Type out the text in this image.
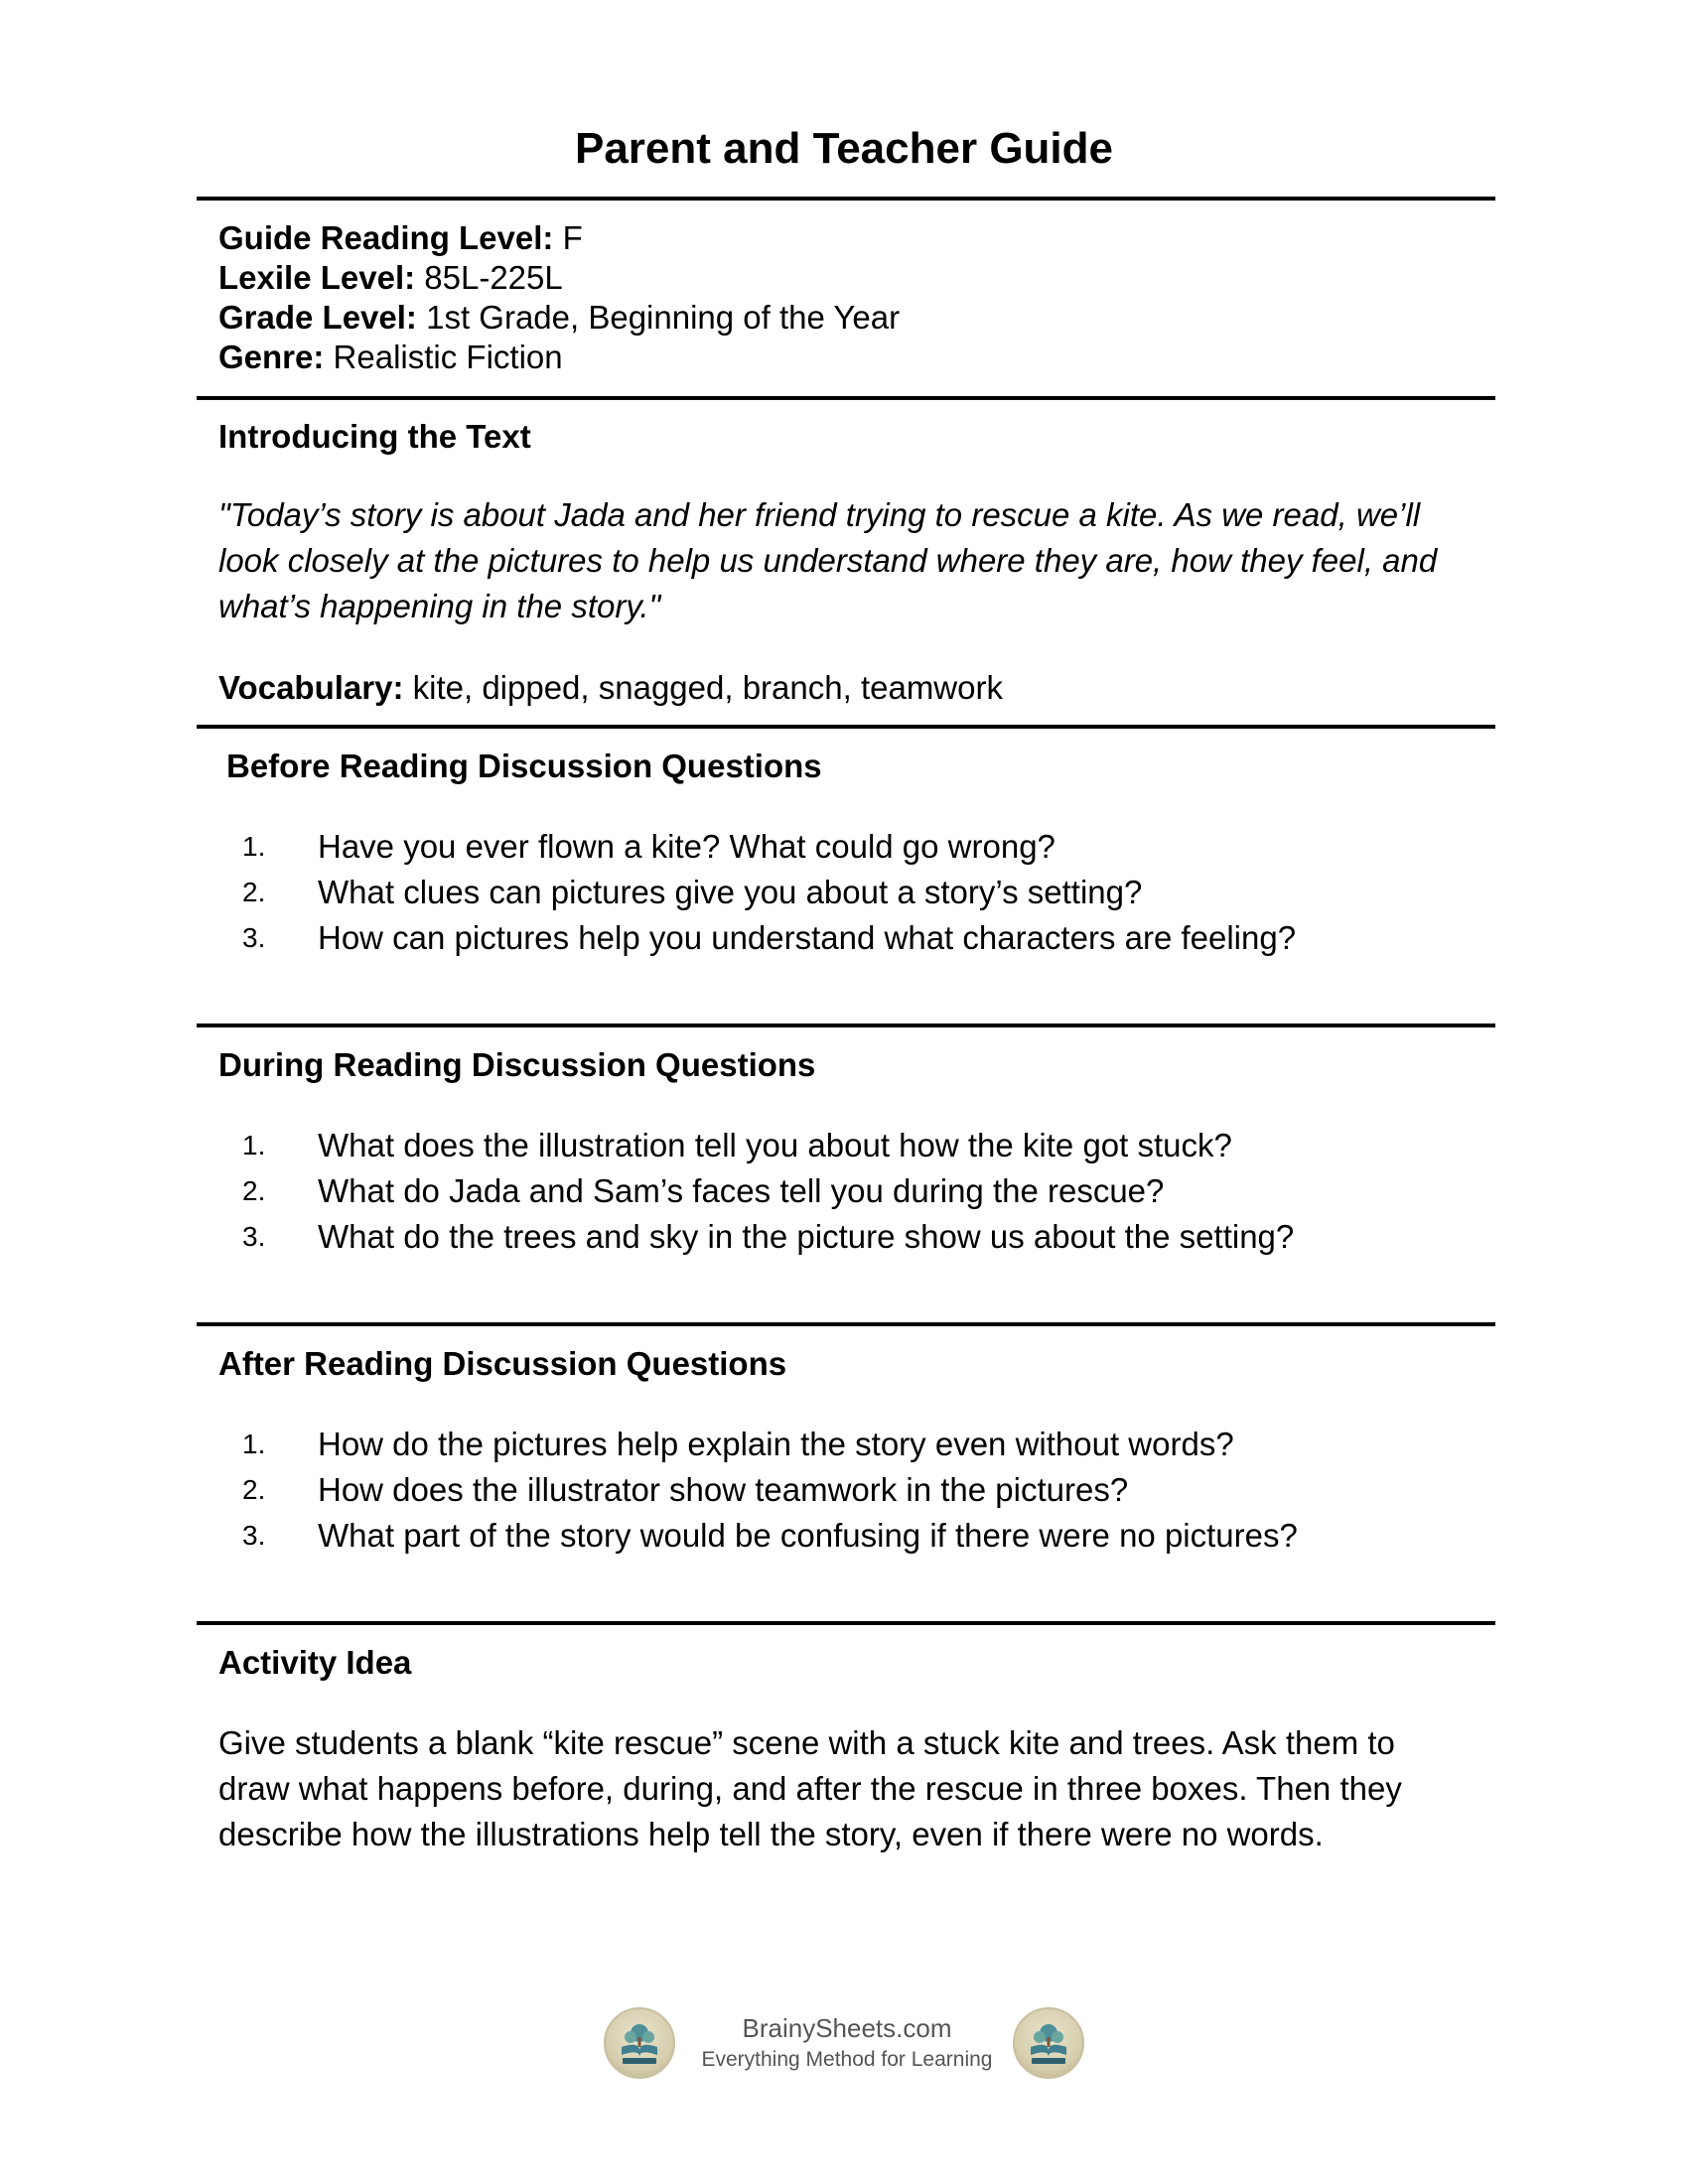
Parent and Teacher Guide
Guide Reading Level: F
Lexile Level: 85L-225L
Grade Level: 1st Grade, Beginning of the Year
Genre: Realistic Fiction
Introducing the Text
"Today’s story is about Jada and her friend trying to rescue a kite. As we read, we’ll look closely at the pictures to help us understand where they are, how they feel, and what’s happening in the story."
Vocabulary: kite, dipped, snagged, branch, teamwork
Before Reading Discussion Questions
1. Have you ever flown a kite? What could go wrong?
2. What clues can pictures give you about a story’s setting?
3. How can pictures help you understand what characters are feeling?
During Reading Discussion Questions
1. What does the illustration tell you about how the kite got stuck?
2. What do Jada and Sam’s faces tell you during the rescue?
3. What do the trees and sky in the picture show us about the setting?
After Reading Discussion Questions
1. How do the pictures help explain the story even without words?
2. How does the illustrator show teamwork in the pictures?
3. What part of the story would be confusing if there were no pictures?
Activity Idea
Give students a blank “kite rescue” scene with a stuck kite and trees. Ask them to draw what happens before, during, and after the rescue in three boxes. Then they describe how the illustrations help tell the story, even if there were no words.
BrainySheets.com
Everything Method for Learning
